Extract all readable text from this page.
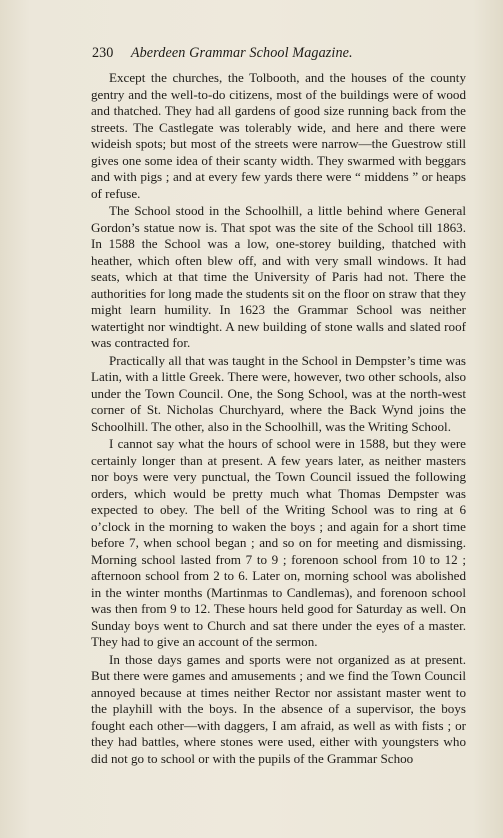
230 Aberdeen Grammar School Magazine.

Except the churches, the Tolbooth, and the houses of the county gentry and the well-to-do citizens, most of the buildings were of wood and thatched. They had all gardens of good size running back from the streets. The Castlegate was tolerably wide, and here and there were wideish spots; but most of the streets were narrow—the Guestrow still gives one some idea of their scanty width. They swarmed with beggars and with pigs ; and at every few yards there were “ middens ” or heaps of refuse.

The School stood in the Schoolhill, a little behind where General Gordon’s statue now is. That spot was the site of the School till 1863. In 1588 the School was a low, one-storey building, thatched with heather, which often blew off, and with very small windows. It had seats, which at that time the University of Paris had not. There the authorities for long made the students sit on the floor on straw that they might learn humility. In 1623 the Grammar School was neither watertight nor windtight. A new building of stone walls and slated roof was contracted for.

Practically all that was taught in the School in Dempster’s time was Latin, with a little Greek. There were, however, two other schools, also under the Town Council. One, the Song School, was at the north-west corner of St. Nicholas Churchyard, where the Back Wynd joins the Schoolhill. The other, also in the Schoolhill, was the Writing School.

I cannot say what the hours of school were in 1588, but they were certainly longer than at present. A few years later, as neither masters nor boys were very punctual, the Town Council issued the following orders, which would be pretty much what Thomas Dempster was expected to obey. The bell of the Writing School was to ring at 6 o’clock in the morning to waken the boys ; and again for a short time before 7, when school began ; and so on for meeting and dismissing. Morning school lasted from 7 to 9 ; forenoon school from 10 to 12 ; afternoon school from 2 to 6. Later on, morning school was abolished in the winter months (Martinmas to Candlemas), and forenoon school was then from 9 to 12. These hours held good for Saturday as well. On Sunday boys went to Church and sat there under the eyes of a master. They had to give an account of the sermon.

In those days games and sports were not organized as at present. But there were games and amusements ; and we find the Town Council annoyed because at times neither Rector nor assistant master went to the playhill with the boys. In the absence of a supervisor, the boys fought each other—with daggers, I am afraid, as well as with fists ; or they had battles, where stones were used, either with youngsters who did not go to school or with the pupils of the Grammar Schoo
